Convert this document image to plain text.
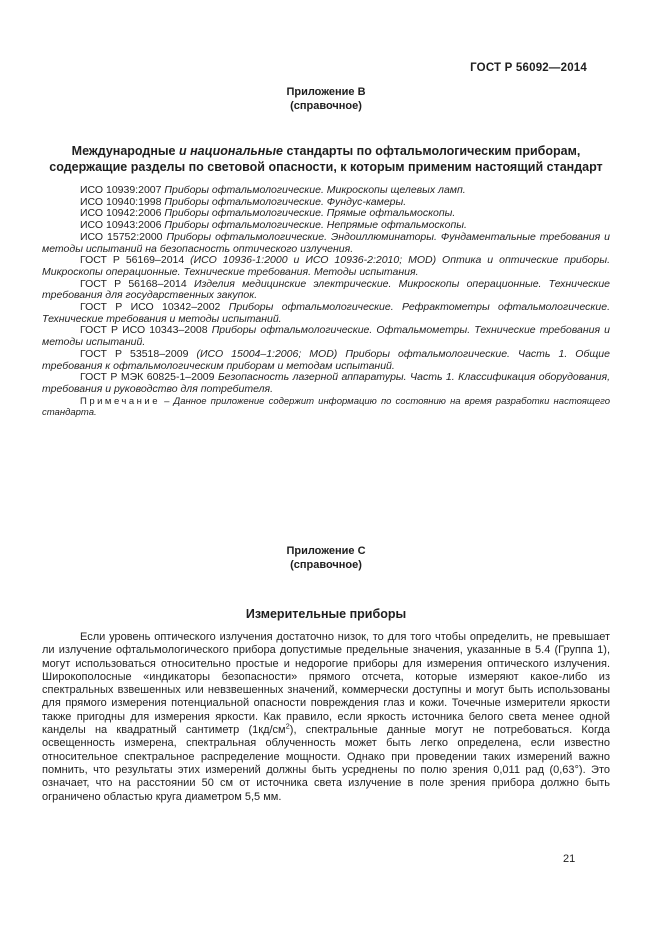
ГОСТ Р 56092—2014
Приложение В
(справочное)
Международные и национальные стандарты по офтальмологическим приборам,
содержащие разделы по световой опасности, к которым применим настоящий стандарт

ИСО 10939:2007 Приборы офтальмологические. Микроскопы щелевых ламп.

ИСО 10940:1998 Приборы офтальмологические. Фундус-камеры.

ИСО 10942:2006 Приборы офтальмологические. Прямые офтальмоскопы.

ИСО 10943:2006 Приборы офтальмологические. Непрямые офтальмоскопы.

ИСО 15752:2000 Приборы офтальмологические. Эндоиллюминаторы. Фундаментальные требования и методы испытаний на безопасность оптического излучения.

ГОСТ Р 56169–2014 (ИСО 10936-1:2000 и ИСО 10936-2:2010; MOD) Оптика и оптические приборы. Микроскопы операционные. Технические требования. Методы испытания.

ГОСТ Р 56168–2014 Изделия медицинские электрические. Микроскопы операционные. Технические требования для государственных закупок.

ГОСТ Р ИСО 10342–2002 Приборы офтальмологические. Рефрактометры офтальмологические. Технические требования и методы испытаний.

ГОСТ Р ИСО 10343–2008 Приборы офтальмологические. Офтальмометры. Технические требования и методы испытаний.

ГОСТ Р 53518–2009 (ИСО 15004–1:2006; MOD) Приборы офтальмологические. Часть 1. Общие требования к офтальмологическим приборам и методам испытаний.

ГОСТ Р МЭК 60825-1–2009 Безопасность лазерной аппаратуры. Часть 1. Классификация оборудования, требования и руководство для потребителя.

Примечание – Данное приложение содержит информацию по состоянию на время разработки настоящего стандарта.

Приложение С
(справочное)
Измерительные приборы

Если уровень оптического излучения достаточно низок, то для того чтобы определить, не превышает ли излучение офтальмологического прибора допустимые предельные значения, указанные в 5.4 (Группа 1), могут использоваться относительно простые и недорогие приборы для измерения оптического излучения. Широкополосные «индикаторы безопасности» прямого отсчета, которые измеряют какое-либо из спектральных взвешенных или невзвешенных значений, коммерчески доступны и могут быть использованы для прямого измерения потенциальной опасности повреждения глаз и кожи. Точечные измерители яркости также пригодны для измерения яркости. Как правило, если яркость источника белого света менее одной канделы на квадратный сантиметр $(1кд/см^2)$, спектральные данные могут не потребоваться. Когда освещенность измерена, спектральная облученность может быть легко определена, если известно относительное спектральное распределение мощности. Однако при проведении таких измерений важно помнить, что результаты этих измерений должны быть усреднены по полю зрения 0,011 рад (0,63°). Это означает, что на расстоянии 50 см от источника света излучение в поле зрения прибора должно быть ограничено областью круга диаметром 5,5 мм.

21
